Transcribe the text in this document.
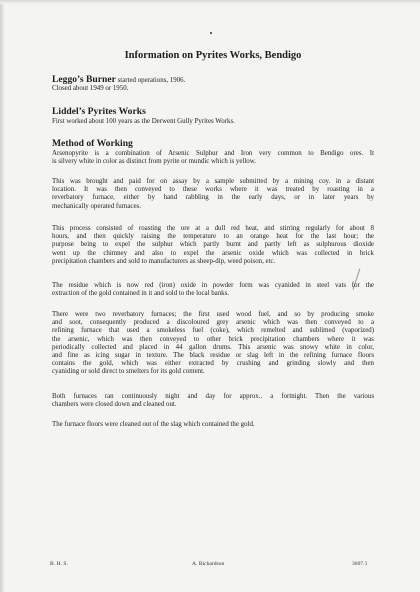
Information on Pyrites Works, Bendigo
Leggo’s Burner started operations, 1906.
Closed about 1949 or 1950.
Liddel’s Pyrites Works
First worked about 100 years as the Derwent Gully Pyrites Works.
Method of Working
Arsenopyrite is a combination of Arsenic Sulphur and Iron very common to Bendigo ores. It
is silvery white in color as distinct from pyrite or mundic which is yellow.
This was brought and paid for on assay by a sample submitted by a mining coy. in a distant
location. It was then conveyed to these works where it was treated by roasting in a
reverbatory furnace, either by hand rabbling in the early days, or in later years by
mechanically operated furnaces.
This process consisted of roasting the ore at a dull red heat, and stirring regularly for about 8
hours, and then quickly raising the temperature to an orange heat for the last hour; the
purpose being to expel the sulphur which partly burnt and partly left as sulphurous dioxide
went up the chimney and also to expel the arsenic oxide which was collected in brick
precipitation chambers and sold to manufacturers as sheep-dip, weed poison, etc.
The residue which is now red (iron) oxide in powder form was cyanided in steel vats for the
extraction of the gold contained in it and sold to the local banks.
There were two reverbatory furnaces; the first used wood fuel, and so by producing smoke
and soot, consequently produced a discoloured grey arsenic which was then conveyed to a
refining furnace that used a smokeless fuel (coke), which remelted and sublimed (vaporized)
the arsenic, which was then conveyed to other brick precipitation chambers where it was
periodically collected and placed in 44 gallon drums. This arsenic was snowy white in color,
and fine as icing sugar in texture. The black residue or slag left in the refining furnace floors
contains the gold, which was either extracted by crushing and grinding slowly and then
cyaniding or sold direct to smelters for its gold content.
Both furnaces ran continuously night and day for approx.. a fortnight. Then the various
chambers were closed down and cleaned out.
The furnace floors were cleaned out of the slag which contained the gold.
B. H. S.	A. Richardson	3607.1
